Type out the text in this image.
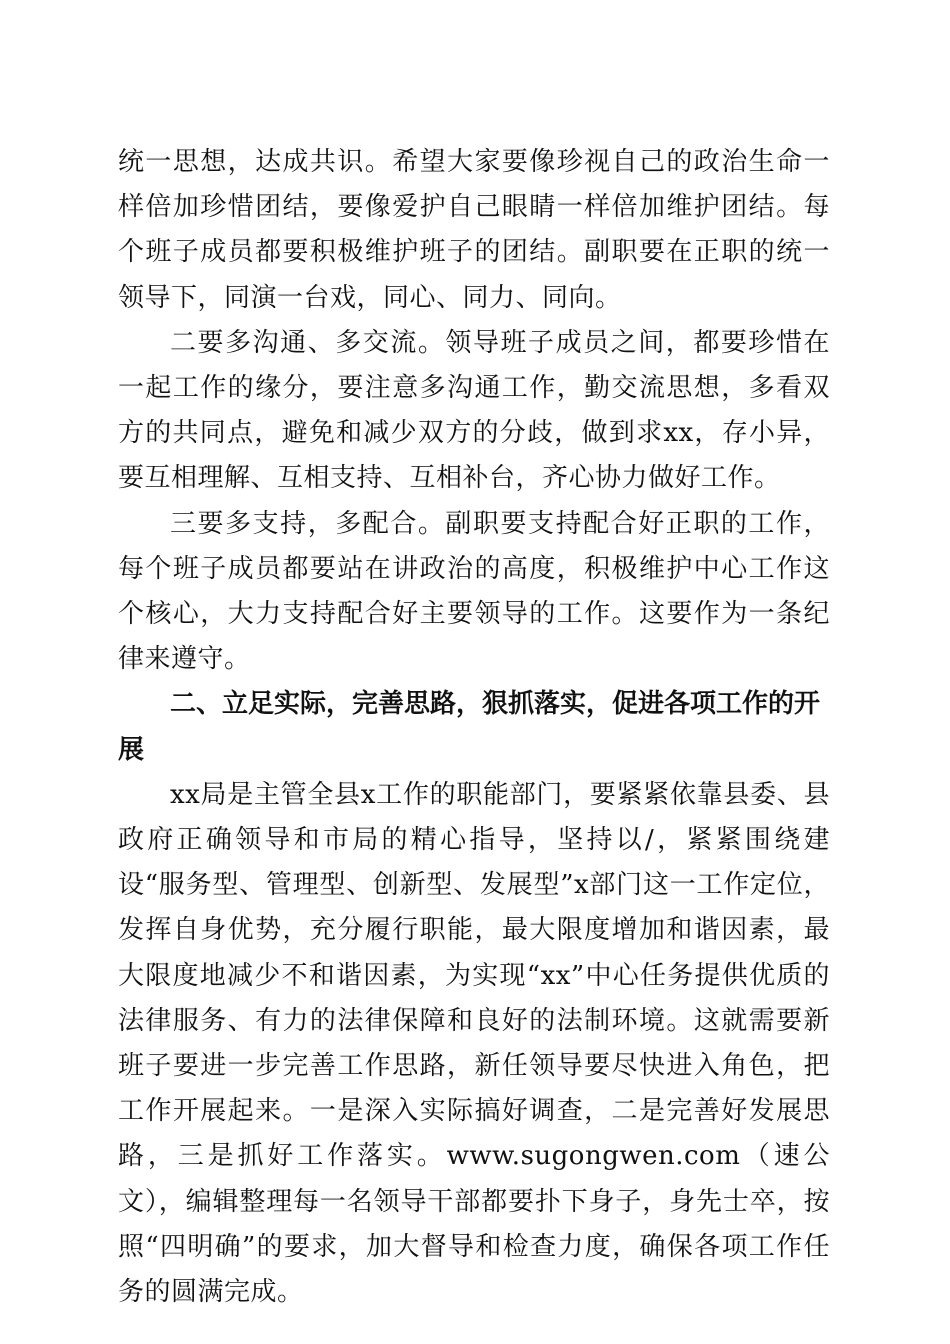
统一思想，达成共识。希望大家要像珍视自己的政治生命一样倍加珍惜团结，要像爱护自己眼睛一样倍加维护团结。每个班子成员都要积极维护班子的团结。副职要在正职的统一领导下，同演一台戏，同心、同力、同向。

二要多沟通、多交流。领导班子成员之间，都要珍惜在一起工作的缘分，要注意多沟通工作，勤交流思想，多看双方的共同点，避免和减少双方的分歧，做到求xx，存小异，要互相理解、互相支持、互相补台，齐心协力做好工作。

三要多支持，多配合。副职要支持配合好正职的工作，每个班子成员都要站在讲政治的高度，积极维护中心工作这个核心，大力支持配合好主要领导的工作。这要作为一条纪律来遵守。

二、立足实际，完善思路，狠抓落实，促进各项工作的开展

xx局是主管全县x工作的职能部门，要紧紧依靠县委、县政府正确领导和市局的精心指导，坚持以/，紧紧围绕建设“服务型、管理型、创新型、发展型”x部门这一工作定位，发挥自身优势，充分履行职能，最大限度增加和谐因素，最大限度地减少不和谐因素，为实现“xx”中心任务提供优质的法律服务、有力的法律保障和良好的法制环境。这就需要新班子要进一步完善工作思路，新任领导要尽快进入角色，把工作开展起来。一是深入实际搞好调查，二是完善好发展思路，三是抓好工作落实。www.sugongwen.com（速公文），编辑整理每一名领导干部都要扑下身子，身先士卒，按照“四明确”的要求，加大督导和检查力度，确保各项工作任务的圆满完成。
